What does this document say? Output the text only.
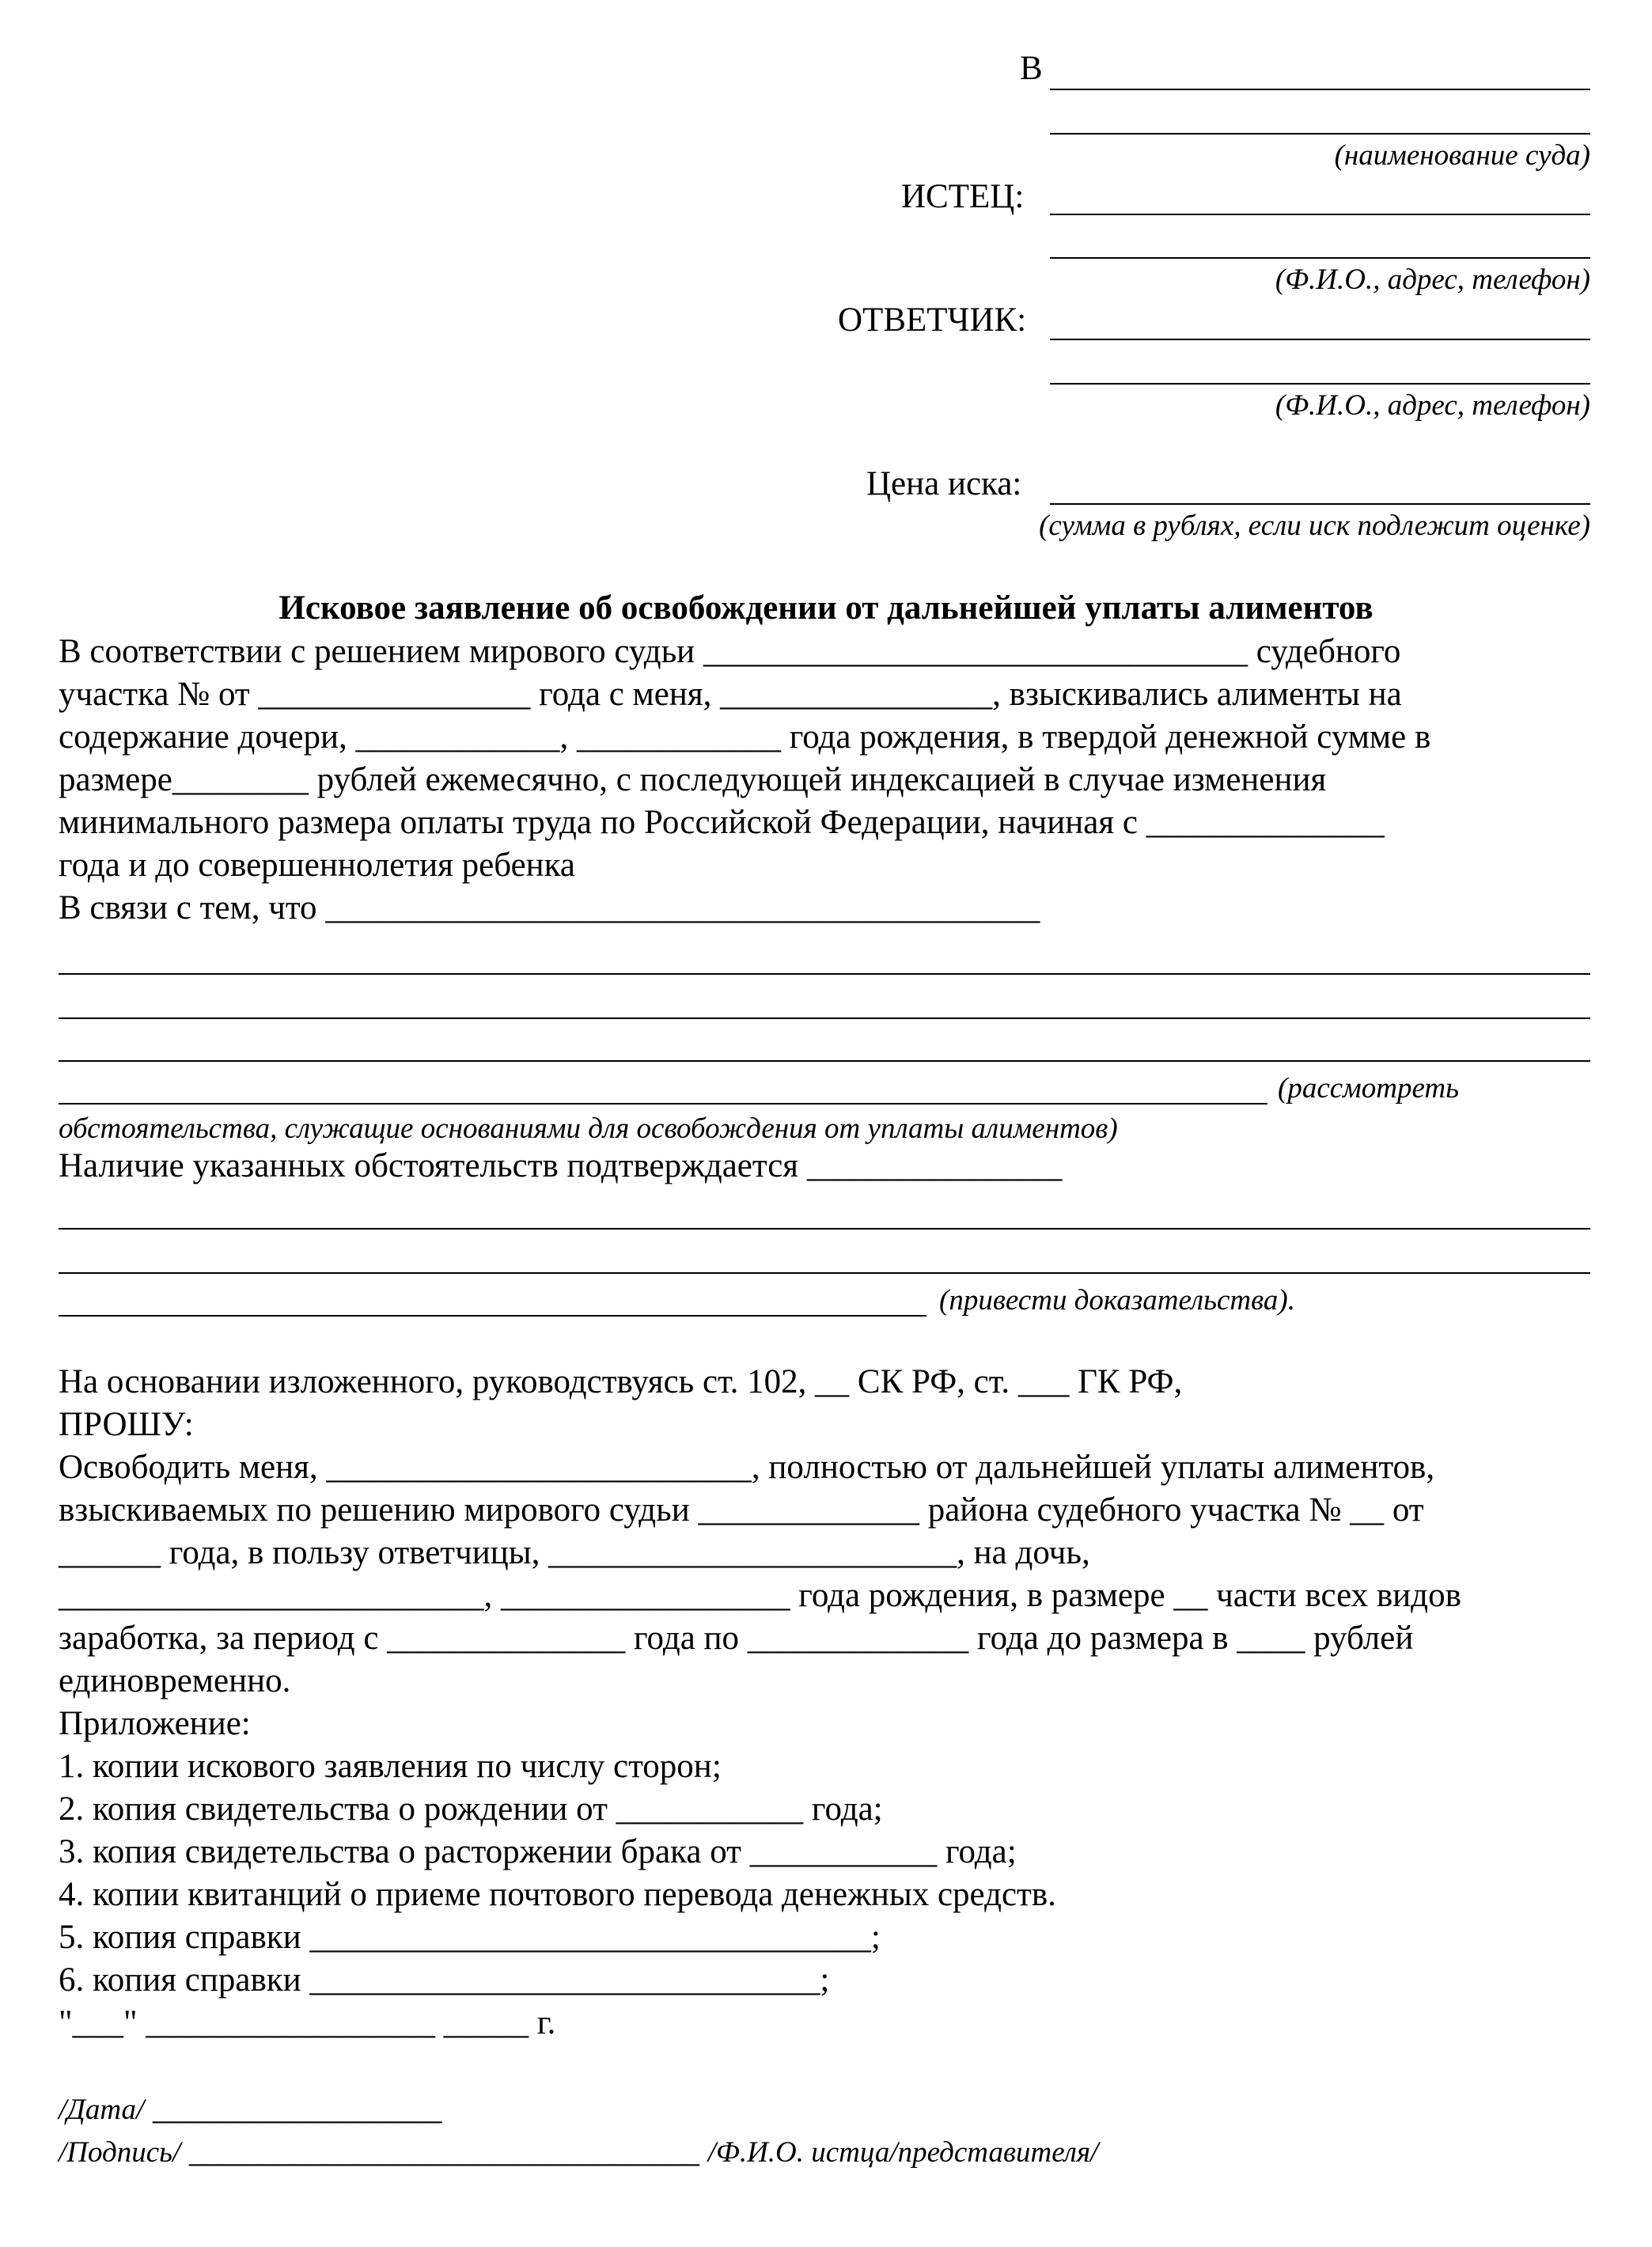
В
(наименование суда)
ИСТЕЦ:
(Ф.И.О., адрес, телефон)
ОТВЕТЧИК:
(Ф.И.О., адрес, телефон)
Цена иска:
(сумма в рублях, если иск подлежит оценке)
Исковое заявление об освобождении от дальнейшей уплаты алиментов
В соответствии с решением мирового судьи ________________________________ судебного
участка № от ________________ года с меня, ________________, взыскивались алименты на
содержание дочери, ____________, ____________ года рождения, в твердой денежной сумме в
размере________ рублей ежемесячно, с последующей индексацией в случае изменения
минимального размера оплаты труда по Российской Федерации, начиная с ______________
года и до совершеннолетия ребенка
В связи с тем, что __________________________________________
(рассмотреть
обстоятельства, служащие основаниями для освобождения от уплаты алиментов)
Наличие указанных обстоятельств подтверждается _______________
(привести доказательства).
На основании изложенного, руководствуясь ст. 102, __ СК РФ, ст. ___ ГК РФ,
ПРОШУ:
Освободить меня, _________________________, полностью от дальнейшей уплаты алиментов,
взыскиваемых по решению мирового судьи _____________ района судебного участка № __ от
______ года, в пользу ответчицы, ________________________, на дочь,
_________________________, _________________ года рождения, в размере __ части всех видов
заработка, за период с ______________ года по _____________ года до размера в ____ рублей
единовременно.
Приложение:
1. копии искового заявления по числу сторон;
2. копия свидетельства о рождении от ___________ года;
3. копия свидетельства о расторжении брака от ___________ года;
4. копии квитанций о приеме почтового перевода денежных средств.
5. копия справки _________________________________;
6. копия справки ______________________________;
"___" _________________ _____ г.
/Дата/ _________________
/Подпись/ ______________________________ /Ф.И.О. истца/представителя/
